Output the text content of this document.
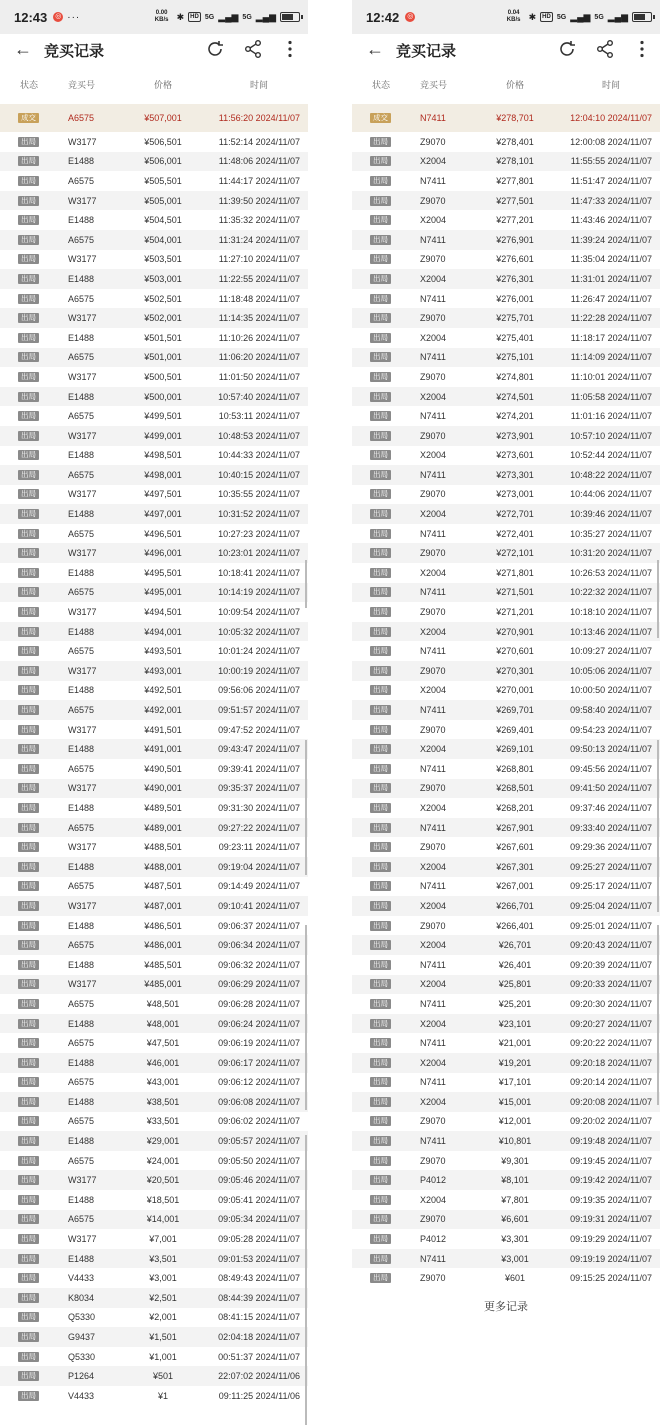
12:43 ◎ ···	0.00 KB/s ✱	HD 5G ▂▄▆ 5G ▂▄▆
← 竞买记录
状态	竞买号	价格	时间
成交	A6575	¥507,001	11:56:20 2024/11/07
出局	W3177	¥506,501	11:52:14 2024/11/07
出局	E1488	¥506,001	11:48:06 2024/11/07
出局	A6575	¥505,501	11:44:17 2024/11/07
出局	W3177	¥505,001	11:39:50 2024/11/07
出局	E1488	¥504,501	11:35:32 2024/11/07
出局	A6575	¥504,001	11:31:24 2024/11/07
出局	W3177	¥503,501	11:27:10 2024/11/07
出局	E1488	¥503,001	11:22:55 2024/11/07
出局	A6575	¥502,501	11:18:48 2024/11/07
出局	W3177	¥502,001	11:14:35 2024/11/07
出局	E1488	¥501,501	11:10:26 2024/11/07
出局	A6575	¥501,001	11:06:20 2024/11/07
出局	W3177	¥500,501	11:01:50 2024/11/07
出局	E1488	¥500,001	10:57:40 2024/11/07
出局	A6575	¥499,501	10:53:11 2024/11/07
出局	W3177	¥499,001	10:48:53 2024/11/07
出局	E1488	¥498,501	10:44:33 2024/11/07
出局	A6575	¥498,001	10:40:15 2024/11/07
出局	W3177	¥497,501	10:35:55 2024/11/07
出局	E1488	¥497,001	10:31:52 2024/11/07
出局	A6575	¥496,501	10:27:23 2024/11/07
出局	W3177	¥496,001	10:23:01 2024/11/07
出局	E1488	¥495,501	10:18:41 2024/11/07
出局	A6575	¥495,001	10:14:19 2024/11/07
出局	W3177	¥494,501	10:09:54 2024/11/07
出局	E1488	¥494,001	10:05:32 2024/11/07
出局	A6575	¥493,501	10:01:24 2024/11/07
出局	W3177	¥493,001	10:00:19 2024/11/07
出局	E1488	¥492,501	09:56:06 2024/11/07
出局	A6575	¥492,001	09:51:57 2024/11/07
出局	W3177	¥491,501	09:47:52 2024/11/07
出局	E1488	¥491,001	09:43:47 2024/11/07
出局	A6575	¥490,501	09:39:41 2024/11/07
出局	W3177	¥490,001	09:35:37 2024/11/07
出局	E1488	¥489,501	09:31:30 2024/11/07
出局	A6575	¥489,001	09:27:22 2024/11/07
出局	W3177	¥488,501	09:23:11 2024/11/07
出局	E1488	¥488,001	09:19:04 2024/11/07
出局	A6575	¥487,501	09:14:49 2024/11/07
出局	W3177	¥487,001	09:10:41 2024/11/07
出局	E1488	¥486,501	09:06:37 2024/11/07
出局	A6575	¥486,001	09:06:34 2024/11/07
出局	E1488	¥485,501	09:06:32 2024/11/07
出局	W3177	¥485,001	09:06:29 2024/11/07
出局	A6575	¥48,501	09:06:28 2024/11/07
出局	E1488	¥48,001	09:06:24 2024/11/07
出局	A6575	¥47,501	09:06:19 2024/11/07
出局	E1488	¥46,001	09:06:17 2024/11/07
出局	A6575	¥43,001	09:06:12 2024/11/07
出局	E1488	¥38,501	09:06:08 2024/11/07
出局	A6575	¥33,501	09:06:02 2024/11/07
出局	E1488	¥29,001	09:05:57 2024/11/07
出局	A6575	¥24,001	09:05:50 2024/11/07
出局	W3177	¥20,501	09:05:46 2024/11/07
出局	E1488	¥18,501	09:05:41 2024/11/07
出局	A6575	¥14,001	09:05:34 2024/11/07
出局	W3177	¥7,001	09:05:28 2024/11/07
出局	E1488	¥3,501	09:01:53 2024/11/07
出局	V4433	¥3,001	08:49:43 2024/11/07
出局	K8034	¥2,501	08:44:39 2024/11/07
出局	Q5330	¥2,001	08:41:15 2024/11/07
出局	G9437	¥1,501	02:04:18 2024/11/07
出局	Q5330	¥1,001	00:51:37 2024/11/07
出局	P1264	¥501	22:07:02 2024/11/06
出局	V4433	¥1	09:11:25 2024/11/06
12:42 ◎	0.04 KB/s ✱	HD 5G ▂▄▆ 5G ▂▄▆
← 竞买记录
状态	竞买号	价格	时间
成交	N7411	¥278,701	12:04:10 2024/11/07
出局	Z9070	¥278,401	12:00:08 2024/11/07
出局	X2004	¥278,101	11:55:55 2024/11/07
出局	N7411	¥277,801	11:51:47 2024/11/07
出局	Z9070	¥277,501	11:47:33 2024/11/07
出局	X2004	¥277,201	11:43:46 2024/11/07
出局	N7411	¥276,901	11:39:24 2024/11/07
出局	Z9070	¥276,601	11:35:04 2024/11/07
出局	X2004	¥276,301	11:31:01 2024/11/07
出局	N7411	¥276,001	11:26:47 2024/11/07
出局	Z9070	¥275,701	11:22:28 2024/11/07
出局	X2004	¥275,401	11:18:17 2024/11/07
出局	N7411	¥275,101	11:14:09 2024/11/07
出局	Z9070	¥274,801	11:10:01 2024/11/07
出局	X2004	¥274,501	11:05:58 2024/11/07
出局	N7411	¥274,201	11:01:16 2024/11/07
出局	Z9070	¥273,901	10:57:10 2024/11/07
出局	X2004	¥273,601	10:52:44 2024/11/07
出局	N7411	¥273,301	10:48:22 2024/11/07
出局	Z9070	¥273,001	10:44:06 2024/11/07
出局	X2004	¥272,701	10:39:46 2024/11/07
出局	N7411	¥272,401	10:35:27 2024/11/07
出局	Z9070	¥272,101	10:31:20 2024/11/07
出局	X2004	¥271,801	10:26:53 2024/11/07
出局	N7411	¥271,501	10:22:32 2024/11/07
出局	Z9070	¥271,201	10:18:10 2024/11/07
出局	X2004	¥270,901	10:13:46 2024/11/07
出局	N7411	¥270,601	10:09:27 2024/11/07
出局	Z9070	¥270,301	10:05:06 2024/11/07
出局	X2004	¥270,001	10:00:50 2024/11/07
出局	N7411	¥269,701	09:58:40 2024/11/07
出局	Z9070	¥269,401	09:54:23 2024/11/07
出局	X2004	¥269,101	09:50:13 2024/11/07
出局	N7411	¥268,801	09:45:56 2024/11/07
出局	Z9070	¥268,501	09:41:50 2024/11/07
出局	X2004	¥268,201	09:37:46 2024/11/07
出局	N7411	¥267,901	09:33:40 2024/11/07
出局	Z9070	¥267,601	09:29:36 2024/11/07
出局	X2004	¥267,301	09:25:27 2024/11/07
出局	N7411	¥267,001	09:25:17 2024/11/07
出局	X2004	¥266,701	09:25:04 2024/11/07
出局	Z9070	¥266,401	09:25:01 2024/11/07
出局	X2004	¥26,701	09:20:43 2024/11/07
出局	N7411	¥26,401	09:20:39 2024/11/07
出局	X2004	¥25,801	09:20:33 2024/11/07
出局	N7411	¥25,201	09:20:30 2024/11/07
出局	X2004	¥23,101	09:20:27 2024/11/07
出局	N7411	¥21,001	09:20:22 2024/11/07
出局	X2004	¥19,201	09:20:18 2024/11/07
出局	N7411	¥17,101	09:20:14 2024/11/07
出局	X2004	¥15,001	09:20:08 2024/11/07
出局	Z9070	¥12,001	09:20:02 2024/11/07
出局	N7411	¥10,801	09:19:48 2024/11/07
出局	Z9070	¥9,301	09:19:45 2024/11/07
出局	P4012	¥8,101	09:19:42 2024/11/07
出局	X2004	¥7,801	09:19:35 2024/11/07
出局	Z9070	¥6,601	09:19:31 2024/11/07
出局	P4012	¥3,301	09:19:29 2024/11/07
出局	N7411	¥3,001	09:19:19 2024/11/07
出局	Z9070	¥601	09:15:25 2024/11/07
更多记录
